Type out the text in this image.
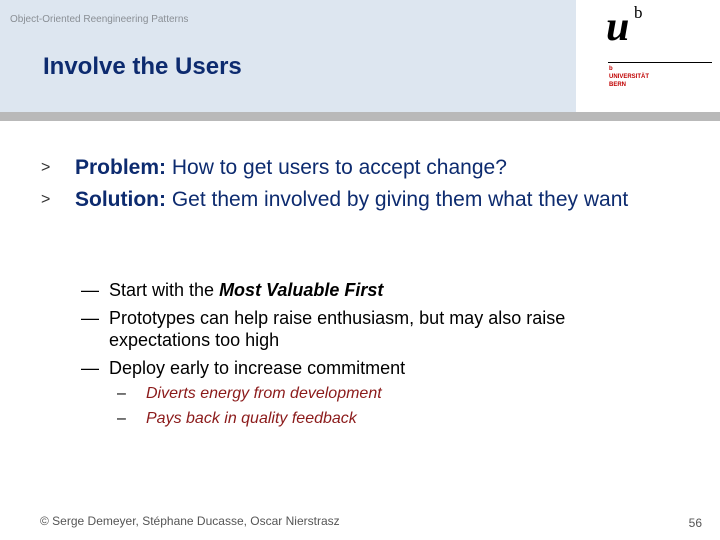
Object-Oriented Reengineering Patterns
Involve the Users
u b
b
UNIVERSITÄT
BERN
> Problem: How to get users to accept change?
> Solution: Get them involved by giving them what they want
— Start with the Most Valuable First
— Prototypes can help raise enthusiasm, but may also raise expectations too high
— Deploy early to increase commitment
– Diverts energy from development
– Pays back in quality feedback
© Serge Demeyer, Stéphane Ducasse, Oscar Nierstrasz	56
